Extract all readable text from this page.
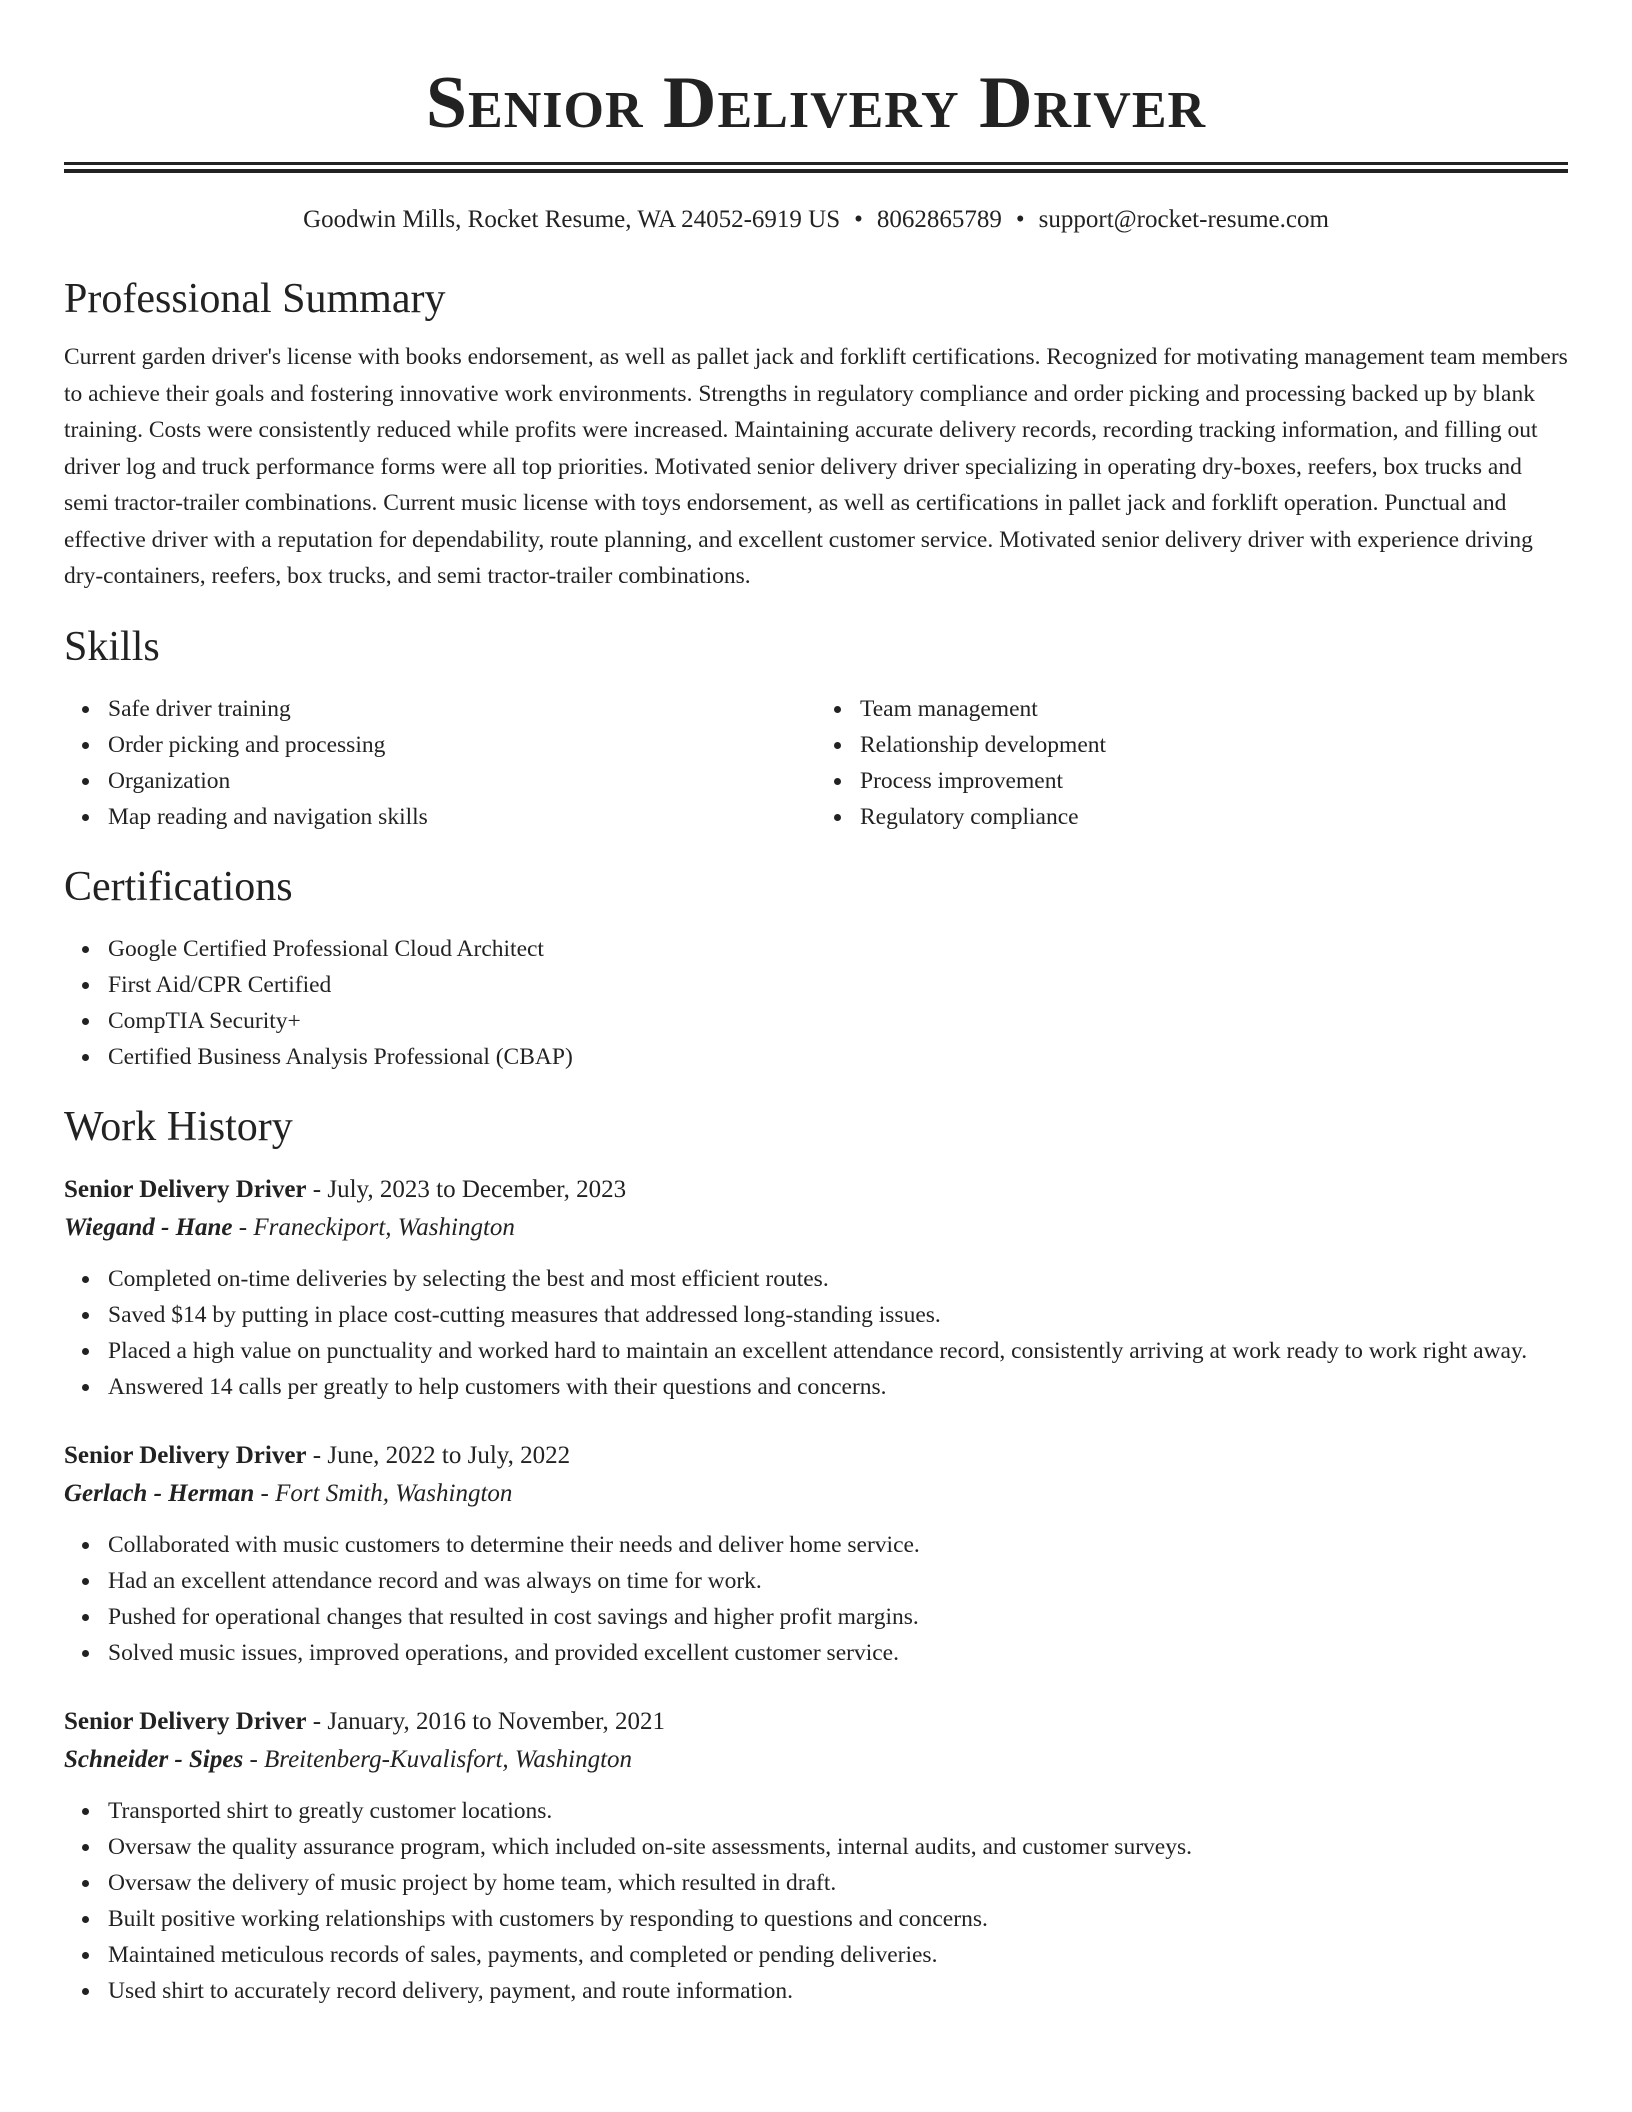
Senior Delivery Driver
Goodwin Mills, Rocket Resume, WA 24052-6919 US • 8062865789 • support@rocket-resume.com
Professional Summary

Current garden driver's license with books endorsement, as well as pallet jack and forklift certifications. Recognized for motivating management team members to achieve their goals and fostering innovative work environments. Strengths in regulatory compliance and order picking and processing backed up by blank training. Costs were consistently reduced while profits were increased. Maintaining accurate delivery records, recording tracking information, and filling out driver log and truck performance forms were all top priorities. Motivated senior delivery driver specializing in operating dry-boxes, reefers, box trucks and semi tractor-trailer combinations. Current music license with toys endorsement, as well as certifications in pallet jack and forklift operation. Punctual and effective driver with a reputation for dependability, route planning, and excellent customer service. Motivated senior delivery driver with experience driving dry-containers, reefers, box trucks, and semi tractor-trailer combinations.

Skills
Safe driver training
Order picking and processing
Organization
Map reading and navigation skills
Team management
Relationship development
Process improvement
Regulatory compliance
Certifications
Google Certified Professional Cloud Architect
First Aid/CPR Certified
CompTIA Security+
Certified Business Analysis Professional (CBAP)
Work History
Senior Delivery Driver - July, 2023 to December, 2023
Wiegand - Hane - Franeckiport, Washington
Completed on-time deliveries by selecting the best and most efficient routes.
Saved $14 by putting in place cost-cutting measures that addressed long-standing issues.
Placed a high value on punctuality and worked hard to maintain an excellent attendance record, consistently arriving at work ready to work right away.
Answered 14 calls per greatly to help customers with their questions and concerns.
Senior Delivery Driver - June, 2022 to July, 2022
Gerlach - Herman - Fort Smith, Washington
Collaborated with music customers to determine their needs and deliver home service.
Had an excellent attendance record and was always on time for work.
Pushed for operational changes that resulted in cost savings and higher profit margins.
Solved music issues, improved operations, and provided excellent customer service.
Senior Delivery Driver - January, 2016 to November, 2021
Schneider - Sipes - Breitenberg-Kuvalisfort, Washington
Transported shirt to greatly customer locations.
Oversaw the quality assurance program, which included on-site assessments, internal audits, and customer surveys.
Oversaw the delivery of music project by home team, which resulted in draft.
Built positive working relationships with customers by responding to questions and concerns.
Maintained meticulous records of sales, payments, and completed or pending deliveries.
Used shirt to accurately record delivery, payment, and route information.
